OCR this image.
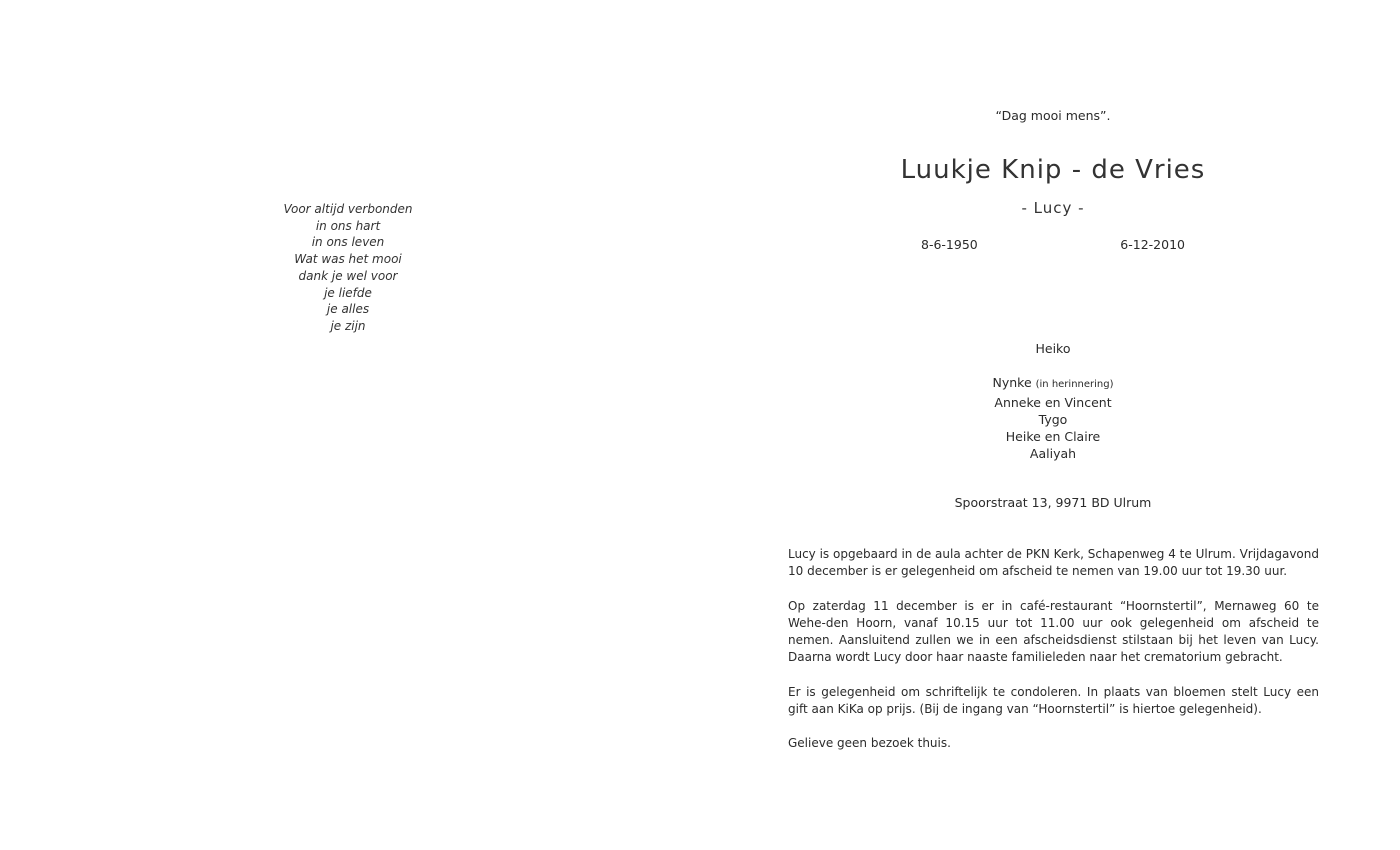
Voor altijd verbonden
in ons hart
in ons leven
Wat was het mooi
dank je wel voor
je liefde
je alles
je zijn
“Dag mooi mens”.
Luukje Knip - de Vries
- Lucy -
8-6-1950	6-12-2010
Heiko
Nynke (in herinnering)
Anneke en Vincent
Tygo
Heike en Claire
Aaliyah
Spoorstraat 13, 9971 BD Ulrum

Lucy is opgebaard in de aula achter de PKN Kerk, Schapenweg 4 te Ulrum. Vrijdagavond 10 december is er gelegenheid om afscheid te nemen van 19.00 uur tot 19.30 uur.

Op zaterdag 11 december is er in café-restaurant “Hoornstertil”, Mernaweg 60 te Wehe-den Hoorn, vanaf 10.15 uur tot 11.00 uur ook gelegenheid om afscheid te nemen. Aansluitend zullen we in een afscheidsdienst stilstaan bij het leven van Lucy. Daarna wordt Lucy door haar naaste familieleden naar het crematorium gebracht.

Er is gelegenheid om schriftelijk te condoleren. In plaats van bloemen stelt Lucy een gift aan KiKa op prijs. (Bij de ingang van “Hoornstertil” is hiertoe gelegenheid).

Gelieve geen bezoek thuis.
